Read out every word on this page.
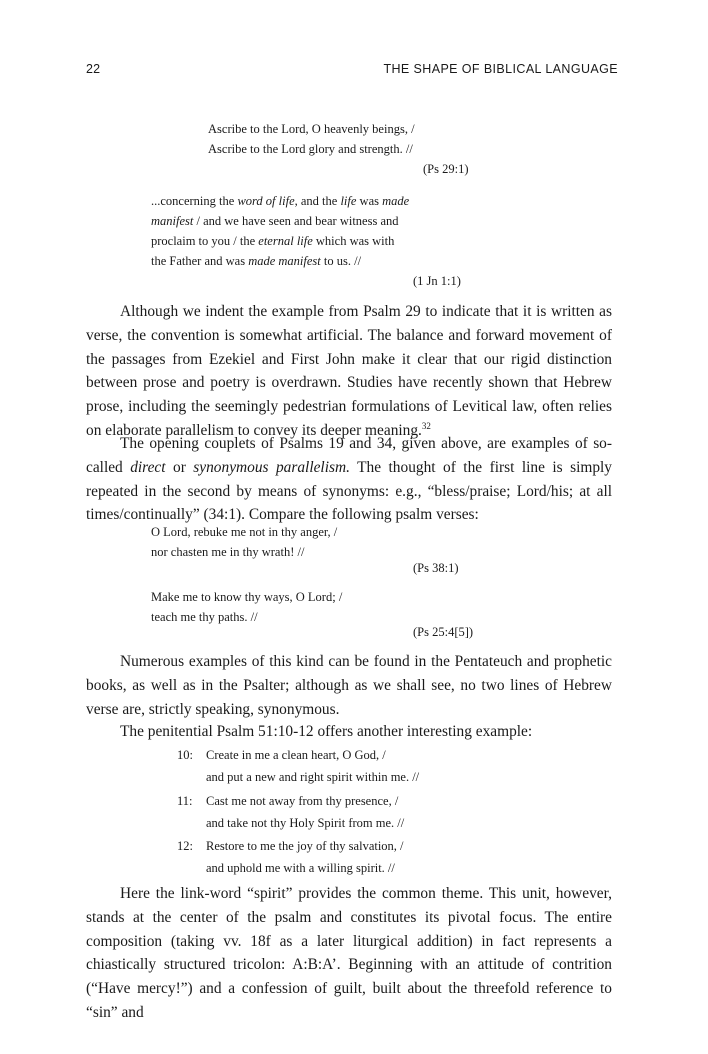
22	THE SHAPE OF BIBLICAL LANGUAGE
Ascribe to the Lord, O heavenly beings, /
Ascribe to the Lord glory and strength. //
(Ps 29:1)
...concerning the word of life, and the life was made
manifest / and we have seen and bear witness and
proclaim to you / the eternal life which was with
the Father and was made manifest to us. //
(1 Jn 1:1)

Although we indent the example from Psalm 29 to indicate that it is written as verse, the convention is somewhat artificial. The balance and forward movement of the passages from Ezekiel and First John make it clear that our rigid distinction between prose and poetry is overdrawn. Studies have recently shown that Hebrew prose, including the seemingly pedestrian formulations of Levitical law, often relies on elaborate parallelism to convey its deeper meaning.$^{32}$

The opening couplets of Psalms 19 and 34, given above, are examples of so-called direct or synonymous parallelism. The thought of the first line is simply repeated in the second by means of synonyms: e.g., “bless/praise; Lord/his; at all times/continually” (34:1). Compare the following psalm verses:

O Lord, rebuke me not in thy anger, /
nor chasten me in thy wrath! //
(Ps 38:1)
Make me to know thy ways, O Lord; /
teach me thy paths. //
(Ps 25:4[5])

Numerous examples of this kind can be found in the Pentateuch and prophetic books, as well as in the Psalter; although as we shall see, no two lines of Hebrew verse are, strictly speaking, synonymous.

The penitential Psalm 51:10-12 offers another interesting example:

10: Create in me a clean heart, O God, /
and put a new and right spirit within me. //
11: Cast me not away from thy presence, /
and take not thy Holy Spirit from me. //
12: Restore to me the joy of thy salvation, /
and uphold me with a willing spirit. //

Here the link-word “spirit” provides the common theme. This unit, however, stands at the center of the psalm and constitutes its pivotal focus. The entire composition (taking vv. 18f as a later liturgical addition) in fact represents a chiastically structured tricolon: A:B:A’. Beginning with an attitude of contrition (“Have mercy!”) and a confession of guilt, built about the threefold reference to “sin” and
